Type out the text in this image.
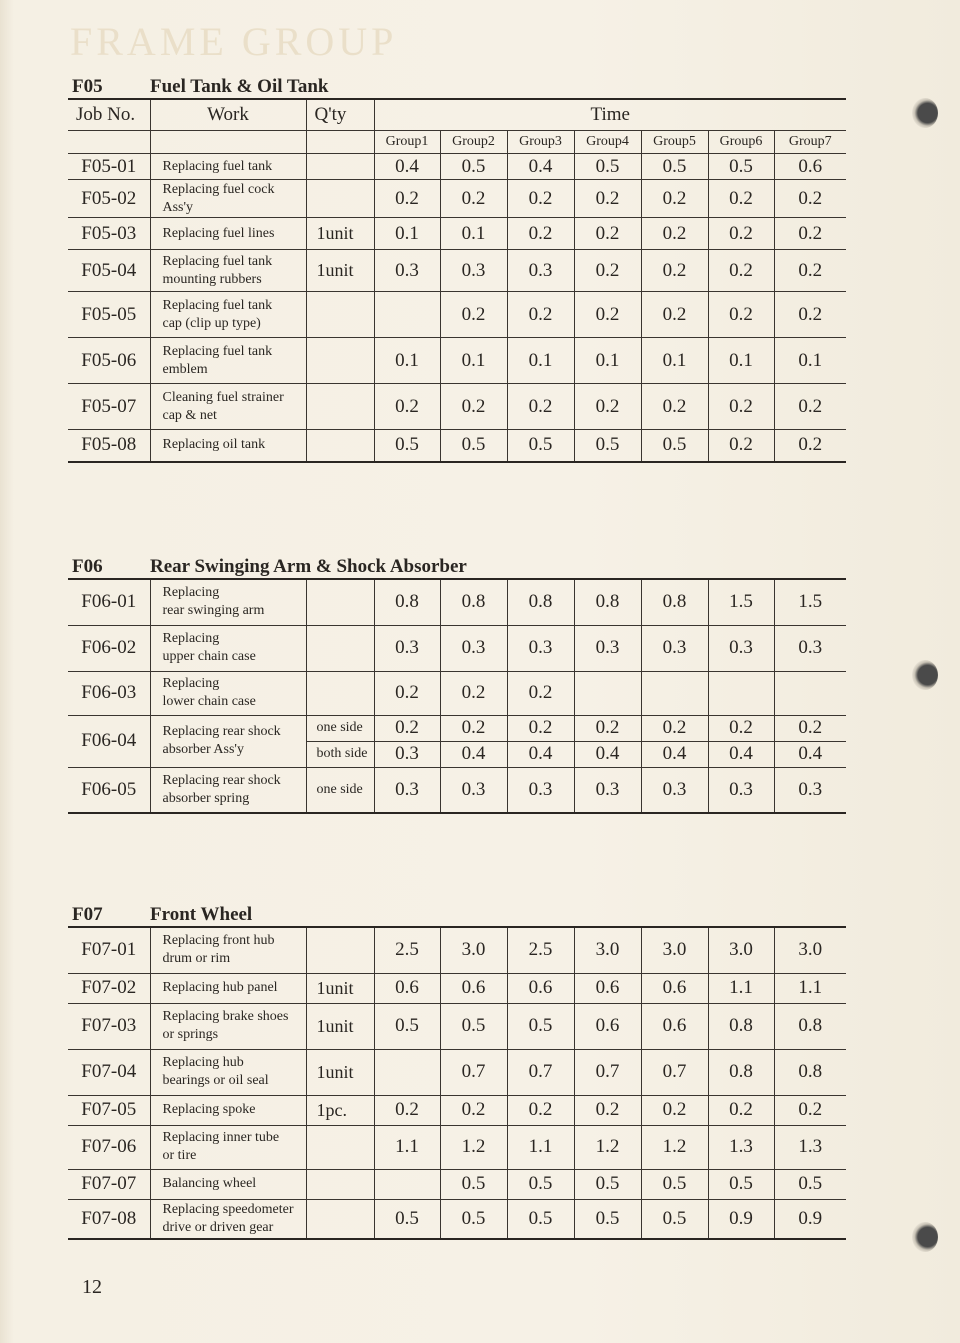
FRAME GROUP
F05 Fuel Tank & Oil Tank
Job No.	Work	Q'ty	Time						
			Group1	Group2	Group3	Group4	Group5	Group6	Group7
F05-01	Replacing fuel tank		0.4	0.5	0.4	0.5	0.5	0.5	0.6
F05-02	Replacing fuel cock
Ass'y		0.2	0.2	0.2	0.2	0.2	0.2	0.2
F05-03	Replacing fuel lines	1unit	0.1	0.1	0.2	0.2	0.2	0.2	0.2
F05-04	Replacing fuel tank
mounting rubbers	1unit	0.3	0.3	0.3	0.2	0.2	0.2	0.2
F05-05	Replacing fuel tank
cap (clip up type)			0.2	0.2	0.2	0.2	0.2	0.2
F05-06	Replacing fuel tank
emblem		0.1	0.1	0.1	0.1	0.1	0.1	0.1
F05-07	Cleaning fuel strainer
cap & net		0.2	0.2	0.2	0.2	0.2	0.2	0.2
F05-08	Replacing oil tank		0.5	0.5	0.5	0.5	0.5	0.2	0.2
F06 Rear Swinging Arm & Shock Absorber
F06-01	Replacing
rear swinging arm		0.8	0.8	0.8	0.8	0.8	1.5	1.5
F06-02	Replacing
upper chain case		0.3	0.3	0.3	0.3	0.3	0.3	0.3
F06-03	Replacing
lower chain case		0.2	0.2	0.2				
F06-04	Replacing rear shock
absorber Ass'y	one side	0.2	0.2	0.2	0.2	0.2	0.2	0.2
		both side	0.3	0.4	0.4	0.4	0.4	0.4	0.4
F06-05	Replacing rear shock
absorber spring	one side	0.3	0.3	0.3	0.3	0.3	0.3	0.3
F07 Front Wheel
F07-01	Replacing front hub
drum or rim		2.5	3.0	2.5	3.0	3.0	3.0	3.0
F07-02	Replacing hub panel	1unit	0.6	0.6	0.6	0.6	0.6	1.1	1.1
F07-03	Replacing brake shoes
or springs	1unit	0.5	0.5	0.5	0.6	0.6	0.8	0.8
F07-04	Replacing hub
bearings or oil seal	1unit		0.7	0.7	0.7	0.7	0.8	0.8
F07-05	Replacing spoke	1pc.	0.2	0.2	0.2	0.2	0.2	0.2	0.2
F07-06	Replacing inner tube
or tire		1.1	1.2	1.1	1.2	1.2	1.3	1.3
F07-07	Balancing wheel			0.5	0.5	0.5	0.5	0.5	0.5
F07-08	Replacing speedometer
drive or driven gear		0.5	0.5	0.5	0.5	0.5	0.9	0.9
12
